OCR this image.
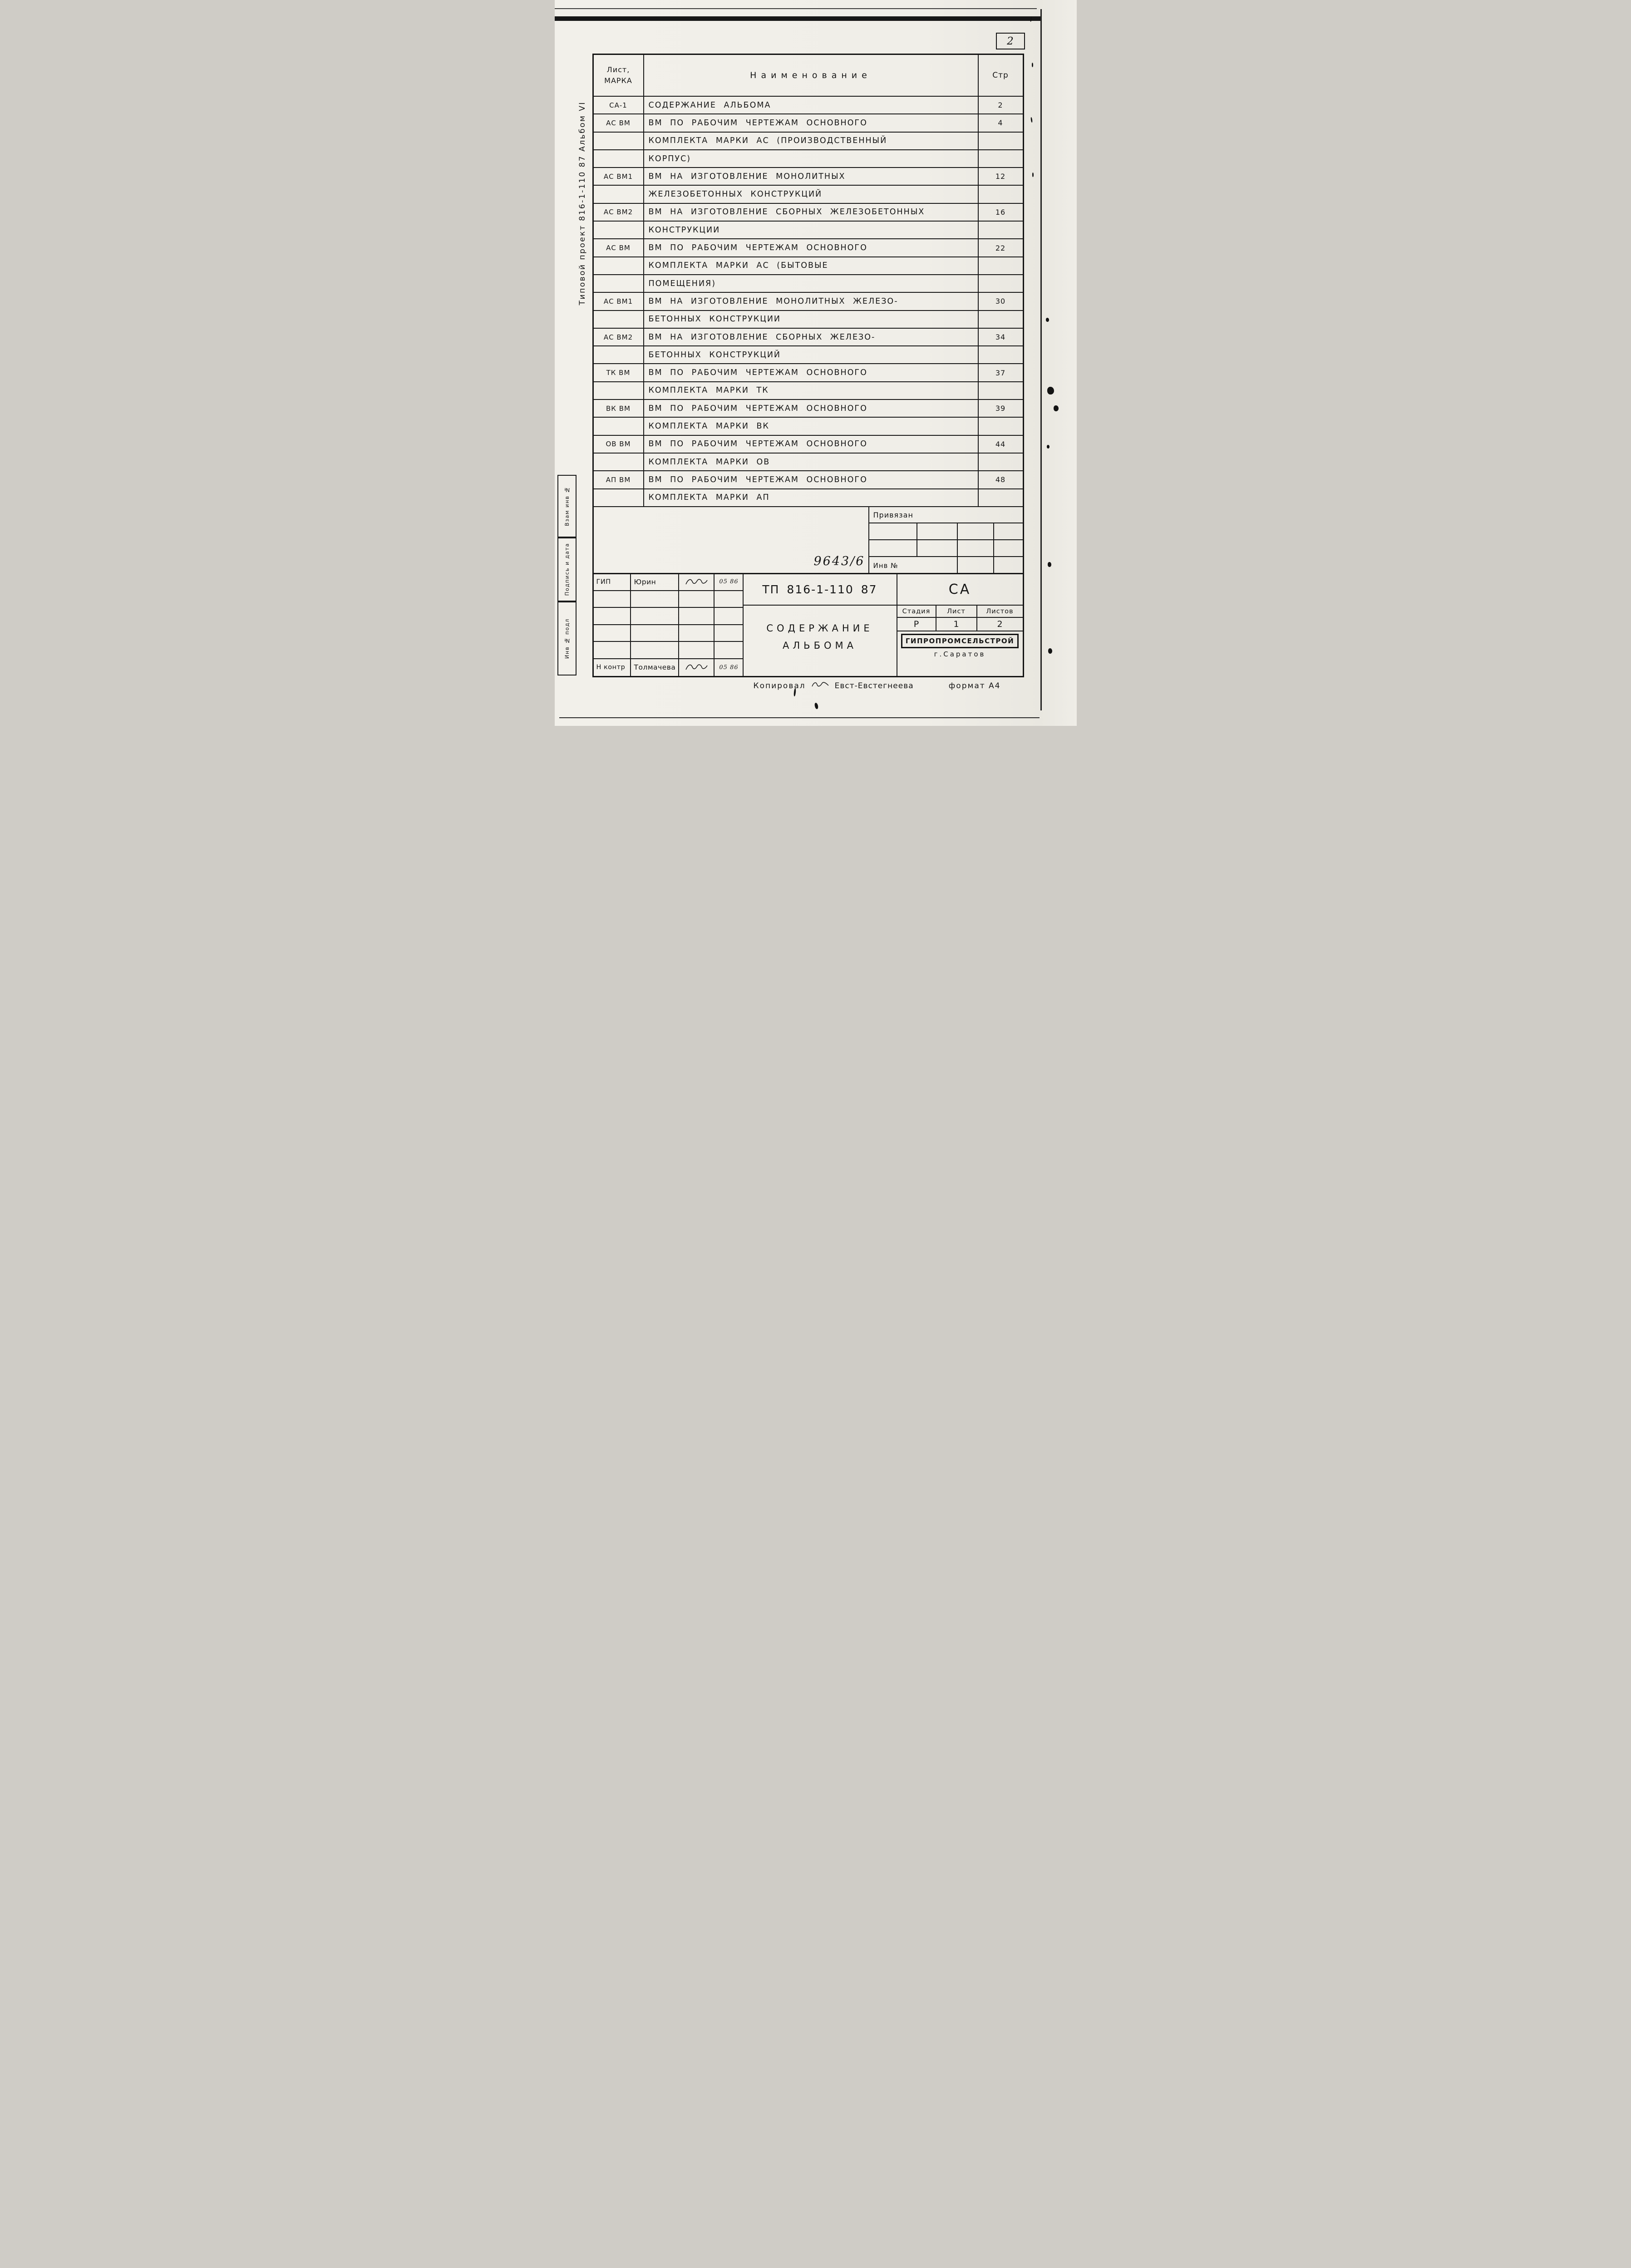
2
Типовой проект 816-1-110 87 Альбом VI
Взам инв №
Подпись и дата
Инв № подл
Лист,
МАРКА
Наименование	Стр
СА-1	СОДЕРЖАНИЕ АЛЬБОМА	2
АС ВМ	ВМ ПО РАБОЧИМ ЧЕРТЕЖАМ ОСНОВНОГО	4
КОМПЛЕКТА МАРКИ АС (ПРОИЗВОДСТВЕННЫЙ
КОРПУС)
АС ВМ1	ВМ НА ИЗГОТОВЛЕНИЕ МОНОЛИТНЫХ	12
ЖЕЛЕЗОБЕТОННЫХ КОНСТРУКЦИЙ
АС ВМ2	ВМ НА ИЗГОТОВЛЕНИЕ СБОРНЫХ ЖЕЛЕЗОБЕТОННЫХ	16
КОНСТРУКЦИИ
АС ВМ	ВМ ПО РАБОЧИМ ЧЕРТЕЖАМ ОСНОВНОГО	22
КОМПЛЕКТА МАРКИ АС (БЫТОВЫЕ
ПОМЕЩЕНИЯ)
АС ВМ1	ВМ НА ИЗГОТОВЛЕНИЕ МОНОЛИТНЫХ ЖЕЛЕЗО-	30
БЕТОННЫХ КОНСТРУКЦИИ
АС ВМ2	ВМ НА ИЗГОТОВЛЕНИЕ СБОРНЫХ ЖЕЛЕЗО-	34
БЕТОННЫХ КОНСТРУКЦИЙ
ТК ВМ	ВМ ПО РАБОЧИМ ЧЕРТЕЖАМ ОСНОВНОГО	37
КОМПЛЕКТА МАРКИ ТК
ВК ВМ	ВМ ПО РАБОЧИМ ЧЕРТЕЖАМ ОСНОВНОГО	39
КОМПЛЕКТА МАРКИ ВК
ОВ ВМ	ВМ ПО РАБОЧИМ ЧЕРТЕЖАМ ОСНОВНОГО	44
КОМПЛЕКТА МАРКИ ОВ
АП ВМ	ВМ ПО РАБОЧИМ ЧЕРТЕЖАМ ОСНОВНОГО	48
КОМПЛЕКТА МАРКИ АП
Привязан
Инв №
9643/6
ГИП	Юрин	05 86
Н контр	Толмачева	05 86
ТП 816-1-110 87	СА
СОДЕРЖАНИЕ
АЛЬБОМА
Стадия	Лист	Листов
Р	1	2
ГИПРОПРОМСЕЛЬСТРОЙ
г.Саратов
Копировал	Евст-Евстегнеева	формат А4
